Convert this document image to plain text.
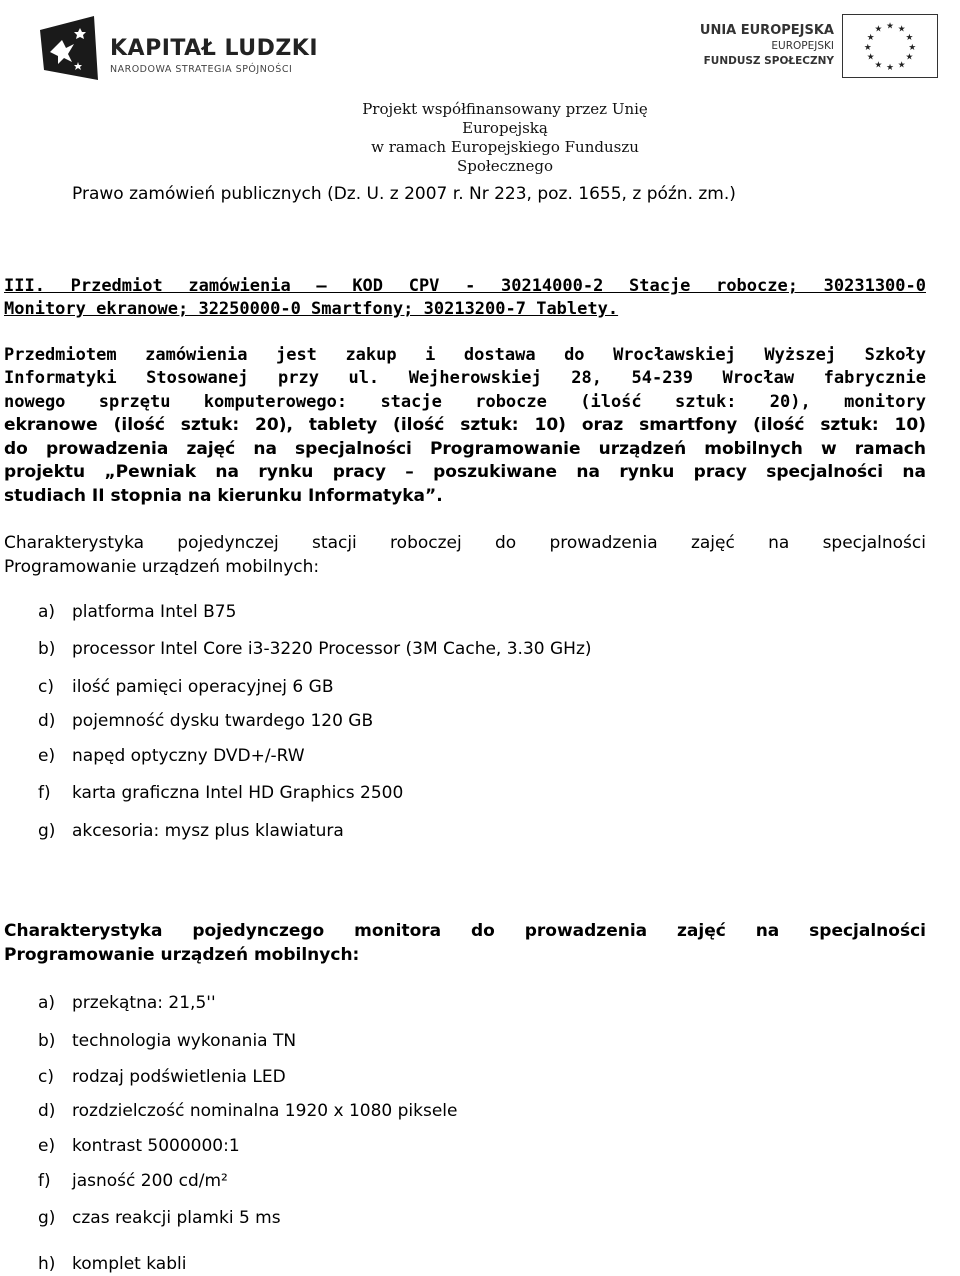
KAPITAŁ LUDZKI
NARODOWA STRATEGIA SPÓJNOŚCI
UNIA EUROPEJSKA
EUROPEJSKI
FUNDUSZ SPOŁECZNY
★ ★
★
★
★
★
★
★
★
★
★
★
Projekt współfinansowany przez Unię Europejską
w ramach Europejskiego Funduszu Społecznego
Prawo zamówień publicznych (Dz. U. z 2007 r. Nr 223, poz. 1655, z późn. zm.)
III. Przedmiot zamówienia – KOD CPV - 30214000-2 Stacje robocze; 30231300-0
Monitory ekranowe; 32250000-0 Smartfony; 30213200-7 Tablety.
Przedmiotem zamówienia jest zakup i dostawa do Wrocławskiej Wyższej Szkoły
Informatyki Stosowanej przy ul. Wejherowskiej 28, 54-239 Wrocław fabrycznie
nowego sprzętu komputerowego: stacje robocze (ilość sztuk: 20), monitory
ekranowe (ilość sztuk: 20), tablety (ilość sztuk: 10) oraz smartfony (ilość sztuk: 10)
do prowadzenia zajęć na specjalności Programowanie urządzeń mobilnych w ramach
projektu „Pewniak na rynku pracy – poszukiwane na rynku pracy specjalności na
studiach II stopnia na kierunku Informatyka”.
Charakterystyka pojedynczej stacji roboczej do prowadzenia zajęć na specjalności
Programowanie urządzeń mobilnych:
a) platforma Intel B75
b) processor Intel Core i3-3220 Processor (3M Cache, 3.30 GHz)
c) ilość pamięci operacyjnej 6 GB
d) pojemność dysku twardego 120 GB
e) napęd optyczny DVD+/-RW
f) karta graficzna Intel HD Graphics 2500
g) akcesoria: mysz plus klawiatura
Charakterystyka pojedynczego monitora do prowadzenia zajęć na specjalności
Programowanie urządzeń mobilnych:
a) przekątna: 21,5''
b) technologia wykonania TN
c) rodzaj podświetlenia LED
d) rozdzielczość nominalna 1920 x 1080 piksele
e) kontrast 5000000:1
f) jasność 200 cd/m²
g) czas reakcji plamki 5 ms
h) komplet kabli
